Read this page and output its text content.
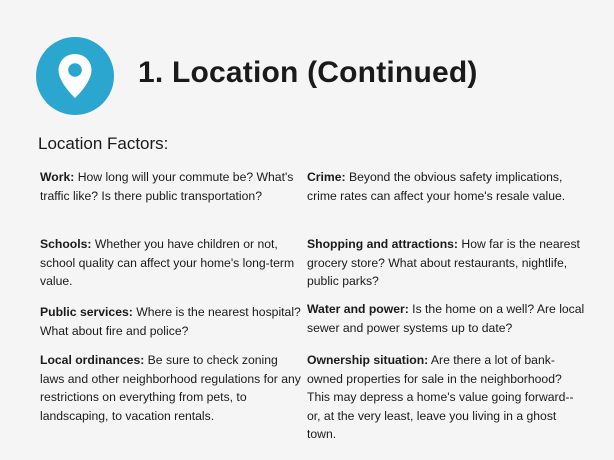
1. Location (Continued)
Location Factors:

Work: How long will your commute be? What's traffic like? Is there public transportation?

Schools: Whether you have children or not, school quality can affect your home's long-term value.

Public services: Where is the nearest hospital? What about fire and police?

Local ordinances: Be sure to check zoning laws and other neighborhood regulations for any restrictions on everything from pets, to landscaping, to vacation rentals.

Crime: Beyond the obvious safety implications, crime rates can affect your home's resale value.

Shopping and attractions: How far is the nearest grocery store? What about restaurants, nightlife, public parks?

Water and power: Is the home on a well? Are local sewer and power systems up to date?

Ownership situation: Are there a lot of bank-owned properties for sale in the neighborhood? This may depress a home's value going forward--or, at the very least, leave you living in a ghost town.
